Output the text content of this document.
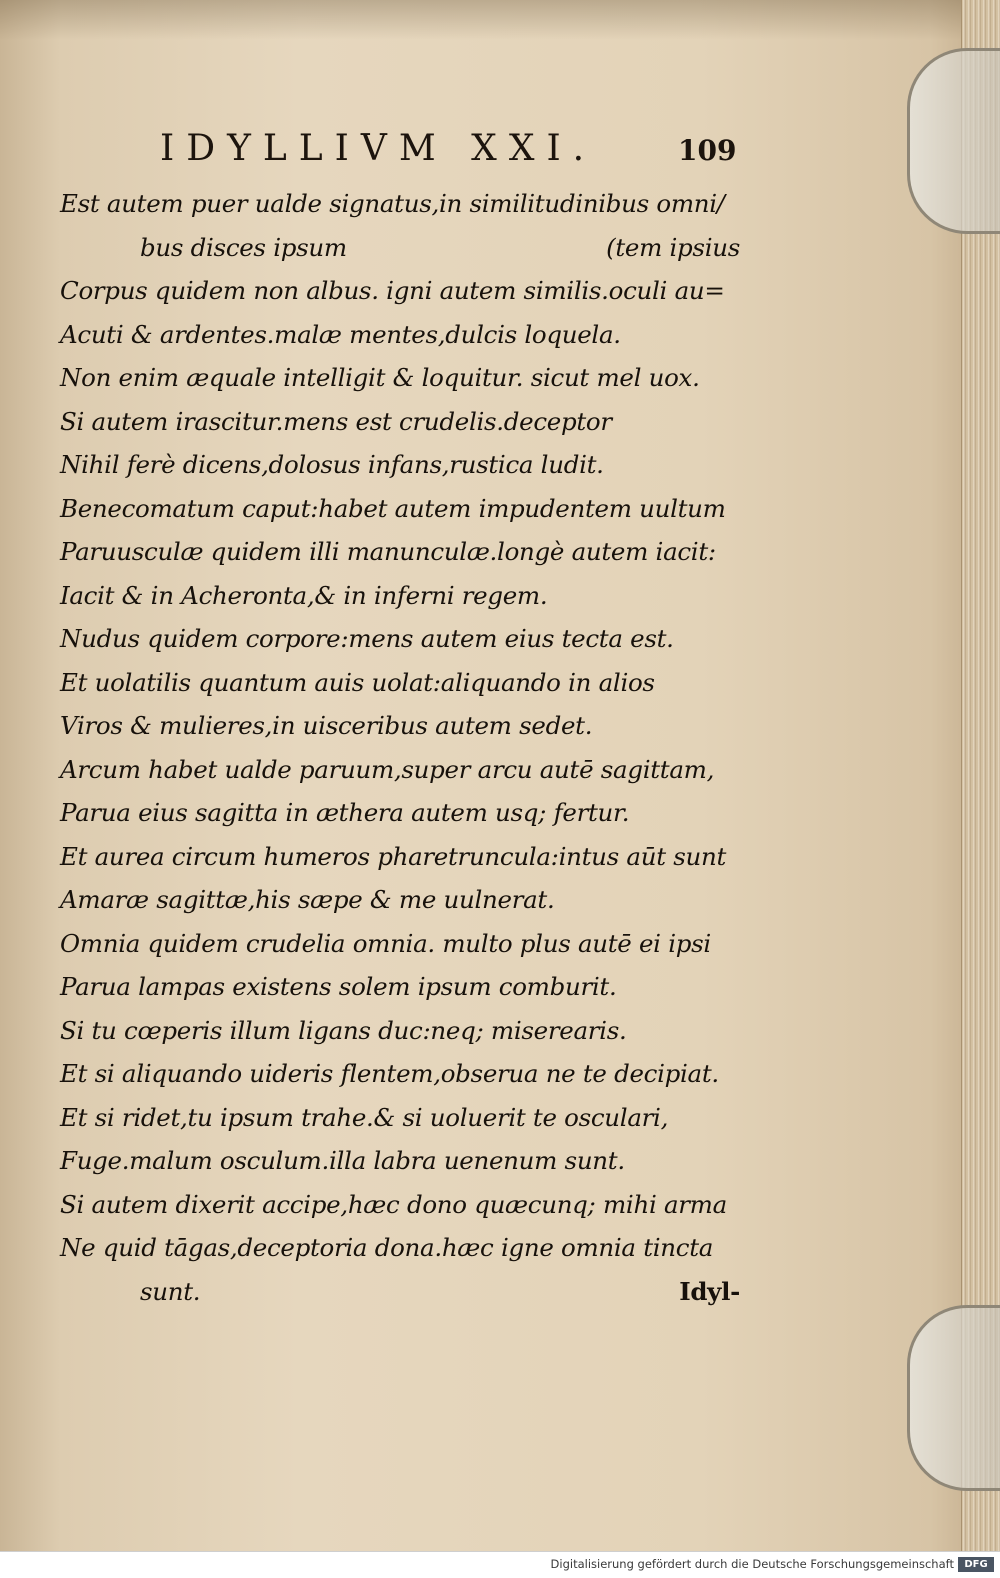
IDYLLIVM XXI.	109
Est autem puer ualde signatus,in similitudinibus omni/
bus disces ipsum	(tem ipsius
Corpus quidem non albus. igni autem similis.oculi au=
Acuti & ardentes.malæ mentes,dulcis loquela.
Non enim æquale intelligit & loquitur. sicut mel uox.
Si autem irascitur.mens est crudelis.deceptor
Nihil ferè dicens,dolosus infans,rustica ludit.
Benecomatum caput:habet autem impudentem uultum
Paruusculæ quidem illi manunculæ.longè autem iacit:
Iacit & in Acheronta,& in inferni regem.
Nudus quidem corpore:mens autem eius tecta est.
Et uolatilis quantum auis uolat:aliquando in alios
Viros & mulieres,in uisceribus autem sedet.
Arcum habet ualde paruum,super arcu autē sagittam,
Parua eius sagitta in æthera autem usq; fertur.
Et aurea circum humeros pharetruncula:intus aūt sunt
Amaræ sagittæ,his sæpe & me uulnerat.
Omnia quidem crudelia omnia. multo plus autē ei ipsi
Parua lampas existens solem ipsum comburit.
Si tu cœperis illum ligans duc:neq; miserearis.
Et si aliquando uideris flentem,obserua ne te decipiat.
Et si ridet,tu ipsum trahe.& si uoluerit te osculari,
Fuge.malum osculum.illa labra uenenum sunt.
Si autem dixerit accipe,hæc dono quæcunq; mihi arma
Ne quid tāgas,deceptoria dona.hæc igne omnia tincta
sunt.	Idyl-
Digitalisierung gefördert durch die Deutsche Forschungsgemeinschaft	DFG
